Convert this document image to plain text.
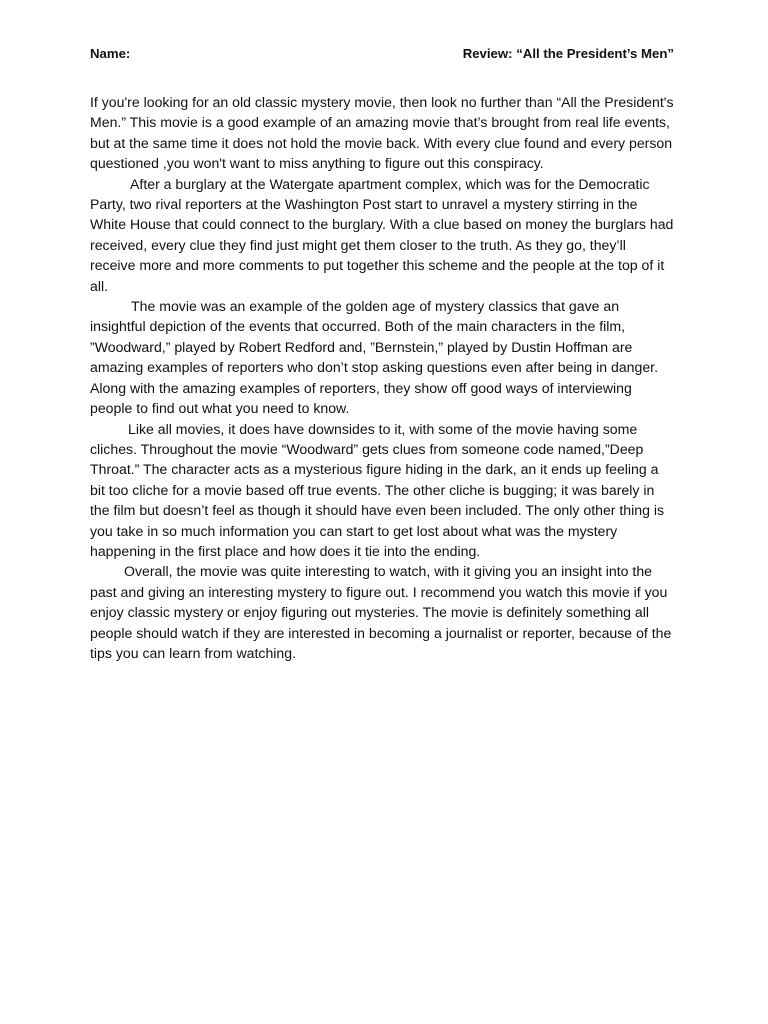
Name:	Review: “All the President’s Men”

If you're looking for an old classic mystery movie, then look no further than “All the President's Men.” This movie is a good example of an amazing movie that’s brought from real life events, but at the same time it does not hold the movie back. With every clue found and every person questioned ,you won't want to miss anything to figure out this conspiracy.

After a burglary at the Watergate apartment complex, which was for the Democratic Party, two rival reporters at the Washington Post start to unravel a mystery stirring in the White House that could connect to the burglary. With a clue based on money the burglars had received, every clue they find just might get them closer to the truth. As they go, they’ll receive more and more comments to put together this scheme and the people at the top of it all.

The movie was an example of the golden age of mystery classics that gave an insightful depiction of the events that occurred. Both of the main characters in the film, ”Woodward,” played by Robert Redford and, ”Bernstein,” played by Dustin Hoffman are amazing examples of reporters who don’t stop asking questions even after being in danger. Along with the amazing examples of reporters, they show off good ways of interviewing people to find out what you need to know.

Like all movies, it does have downsides to it, with some of the movie having some cliches. Throughout the movie “Woodward” gets clues from someone code named,”Deep Throat.” The character acts as a mysterious figure hiding in the dark, an it ends up feeling a bit too cliche for a movie based off true events. The other cliche is bugging; it was barely in the film but doesn’t feel as though it should have even been included. The only other thing is you take in so much information you can start to get lost about what was the mystery happening in the first place and how does it tie into the ending.

Overall, the movie was quite interesting to watch, with it giving you an insight into the past and giving an interesting mystery to figure out. I recommend you watch this movie if you enjoy classic mystery or enjoy figuring out mysteries. The movie is definitely something all people should watch if they are interested in becoming a journalist or reporter, because of the tips you can learn from watching.
